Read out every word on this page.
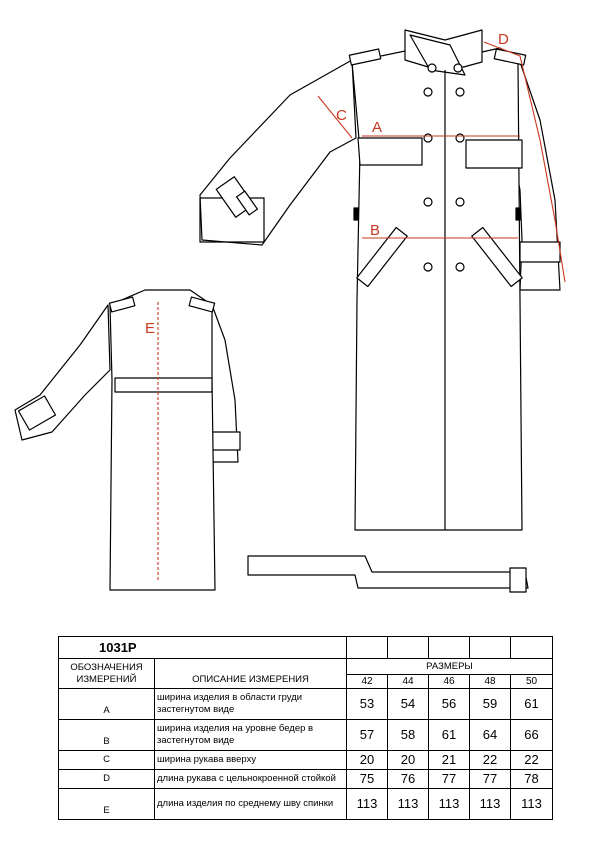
A
B
C
D
E
1031Р						
ОБОЗНАЧЕНИЯ ИЗМЕРЕНИЙ	ОПИСАНИЕ ИЗМЕРЕНИЯ	РАЗМЕРЫ				
		42	44	46	48	50
A	ширина изделия в области груди застегнутом виде	53	54	56	59	61
B	ширина изделия на уровне бедер в застегнутом виде	57	58	61	64	66
C	ширина рукава вверху	20	20	21	22	22
D	длина рукава с цельнокроенной стойкой	75	76	77	77	78
E	длина изделия по среднему шву спинки	113	113	113	113	113
